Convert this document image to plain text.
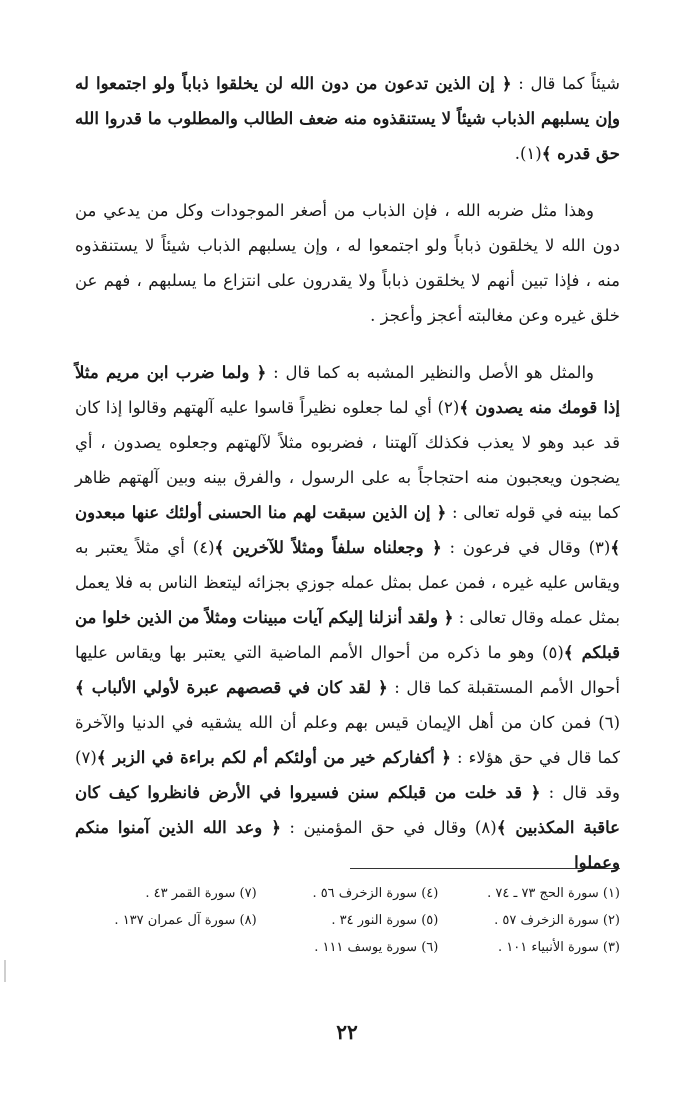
شيئاً كما قال : ﴿ إن الذين تدعون من دون الله لن يخلقوا ذباباً ولو اجتمعوا له وإن يسلبهم الذباب شيئاً لا يستنقذوه منه ضعف الطالب والمطلوب ما قدروا الله حق قدره ﴾(١).

وهذا مثل ضربه الله ، فإن الذباب من أصغر الموجودات وكل من يدعي من دون الله لا يخلقون ذباباً ولو اجتمعوا له ، وإن يسلبهم الذباب شيئاً لا يستنقذوه منه ، فإذا تبين أنهم لا يخلقون ذباباً ولا يقدرون على انتزاع ما يسلبهم ، فهم عن خلق غيره وعن مغالبته أعجز وأعجز .

والمثل هو الأصل والنظير المشبه به كما قال : ﴿ ولما ضرب ابن مريم مثلاً إذا قومك منه يصدون ﴾(٢) أي لما جعلوه نظيراً قاسوا عليه آلهتهم وقالوا إذا كان قد عبد وهو لا يعذب فكذلك آلهتنا ، فضربوه مثلاً لآلهتهم وجعلوه يصدون ، أي يضجون ويعجبون منه احتجاجاً به على الرسول ، والفرق بينه وبين آلهتهم ظاهر كما بينه في قوله تعالى : ﴿ إن الذين سبقت لهم منا الحسنى أولئك عنها مبعدون ﴾(٣) وقال في فرعون : ﴿ وجعلناه سلفاً ومثلاً للآخرين ﴾(٤) أي مثلاً يعتبر به ويقاس عليه غيره ، فمن عمل بمثل عمله جوزي بجزائه ليتعظ الناس به فلا يعمل بمثل عمله وقال تعالى : ﴿ ولقد أنزلنا إليكم آيات مبينات ومثلاً من الذين خلوا من قبلكم ﴾(٥) وهو ما ذكره من أحوال الأمم الماضية التي يعتبر بها ويقاس عليها أحوال الأمم المستقبلة كما قال : ﴿ لقد كان في قصصهم عبرة لأولي الألباب ﴾(٦) فمن كان من أهل الإيمان قيس بهم وعلم أن الله يشقيه في الدنيا والآخرة كما قال في حق هؤلاء : ﴿ أكفاركم خير من أولئكم أم لكم براءة في الزبر ﴾(٧) وقد قال : ﴿ قد خلت من قبلكم سنن فسيروا في الأرض فانظروا كيف كان عاقبة المكذبين ﴾(٨) وقال في حق المؤمنين : ﴿ وعد الله الذين آمنوا منكم وعملوا

(١) سورة الحج ٧٣ ـ ٧٤ .
(٤) سورة الزخرف ٥٦ .
(٧) سورة القمر ٤٣ .
(٢) سورة الزخرف ٥٧ .
(٥) سورة النور ٣٤ .
(٨) سورة آل عمران ١٣٧ .
(٣) سورة الأنبياء ١٠١ .
(٦) سورة يوسف ١١١ .
٢٢
